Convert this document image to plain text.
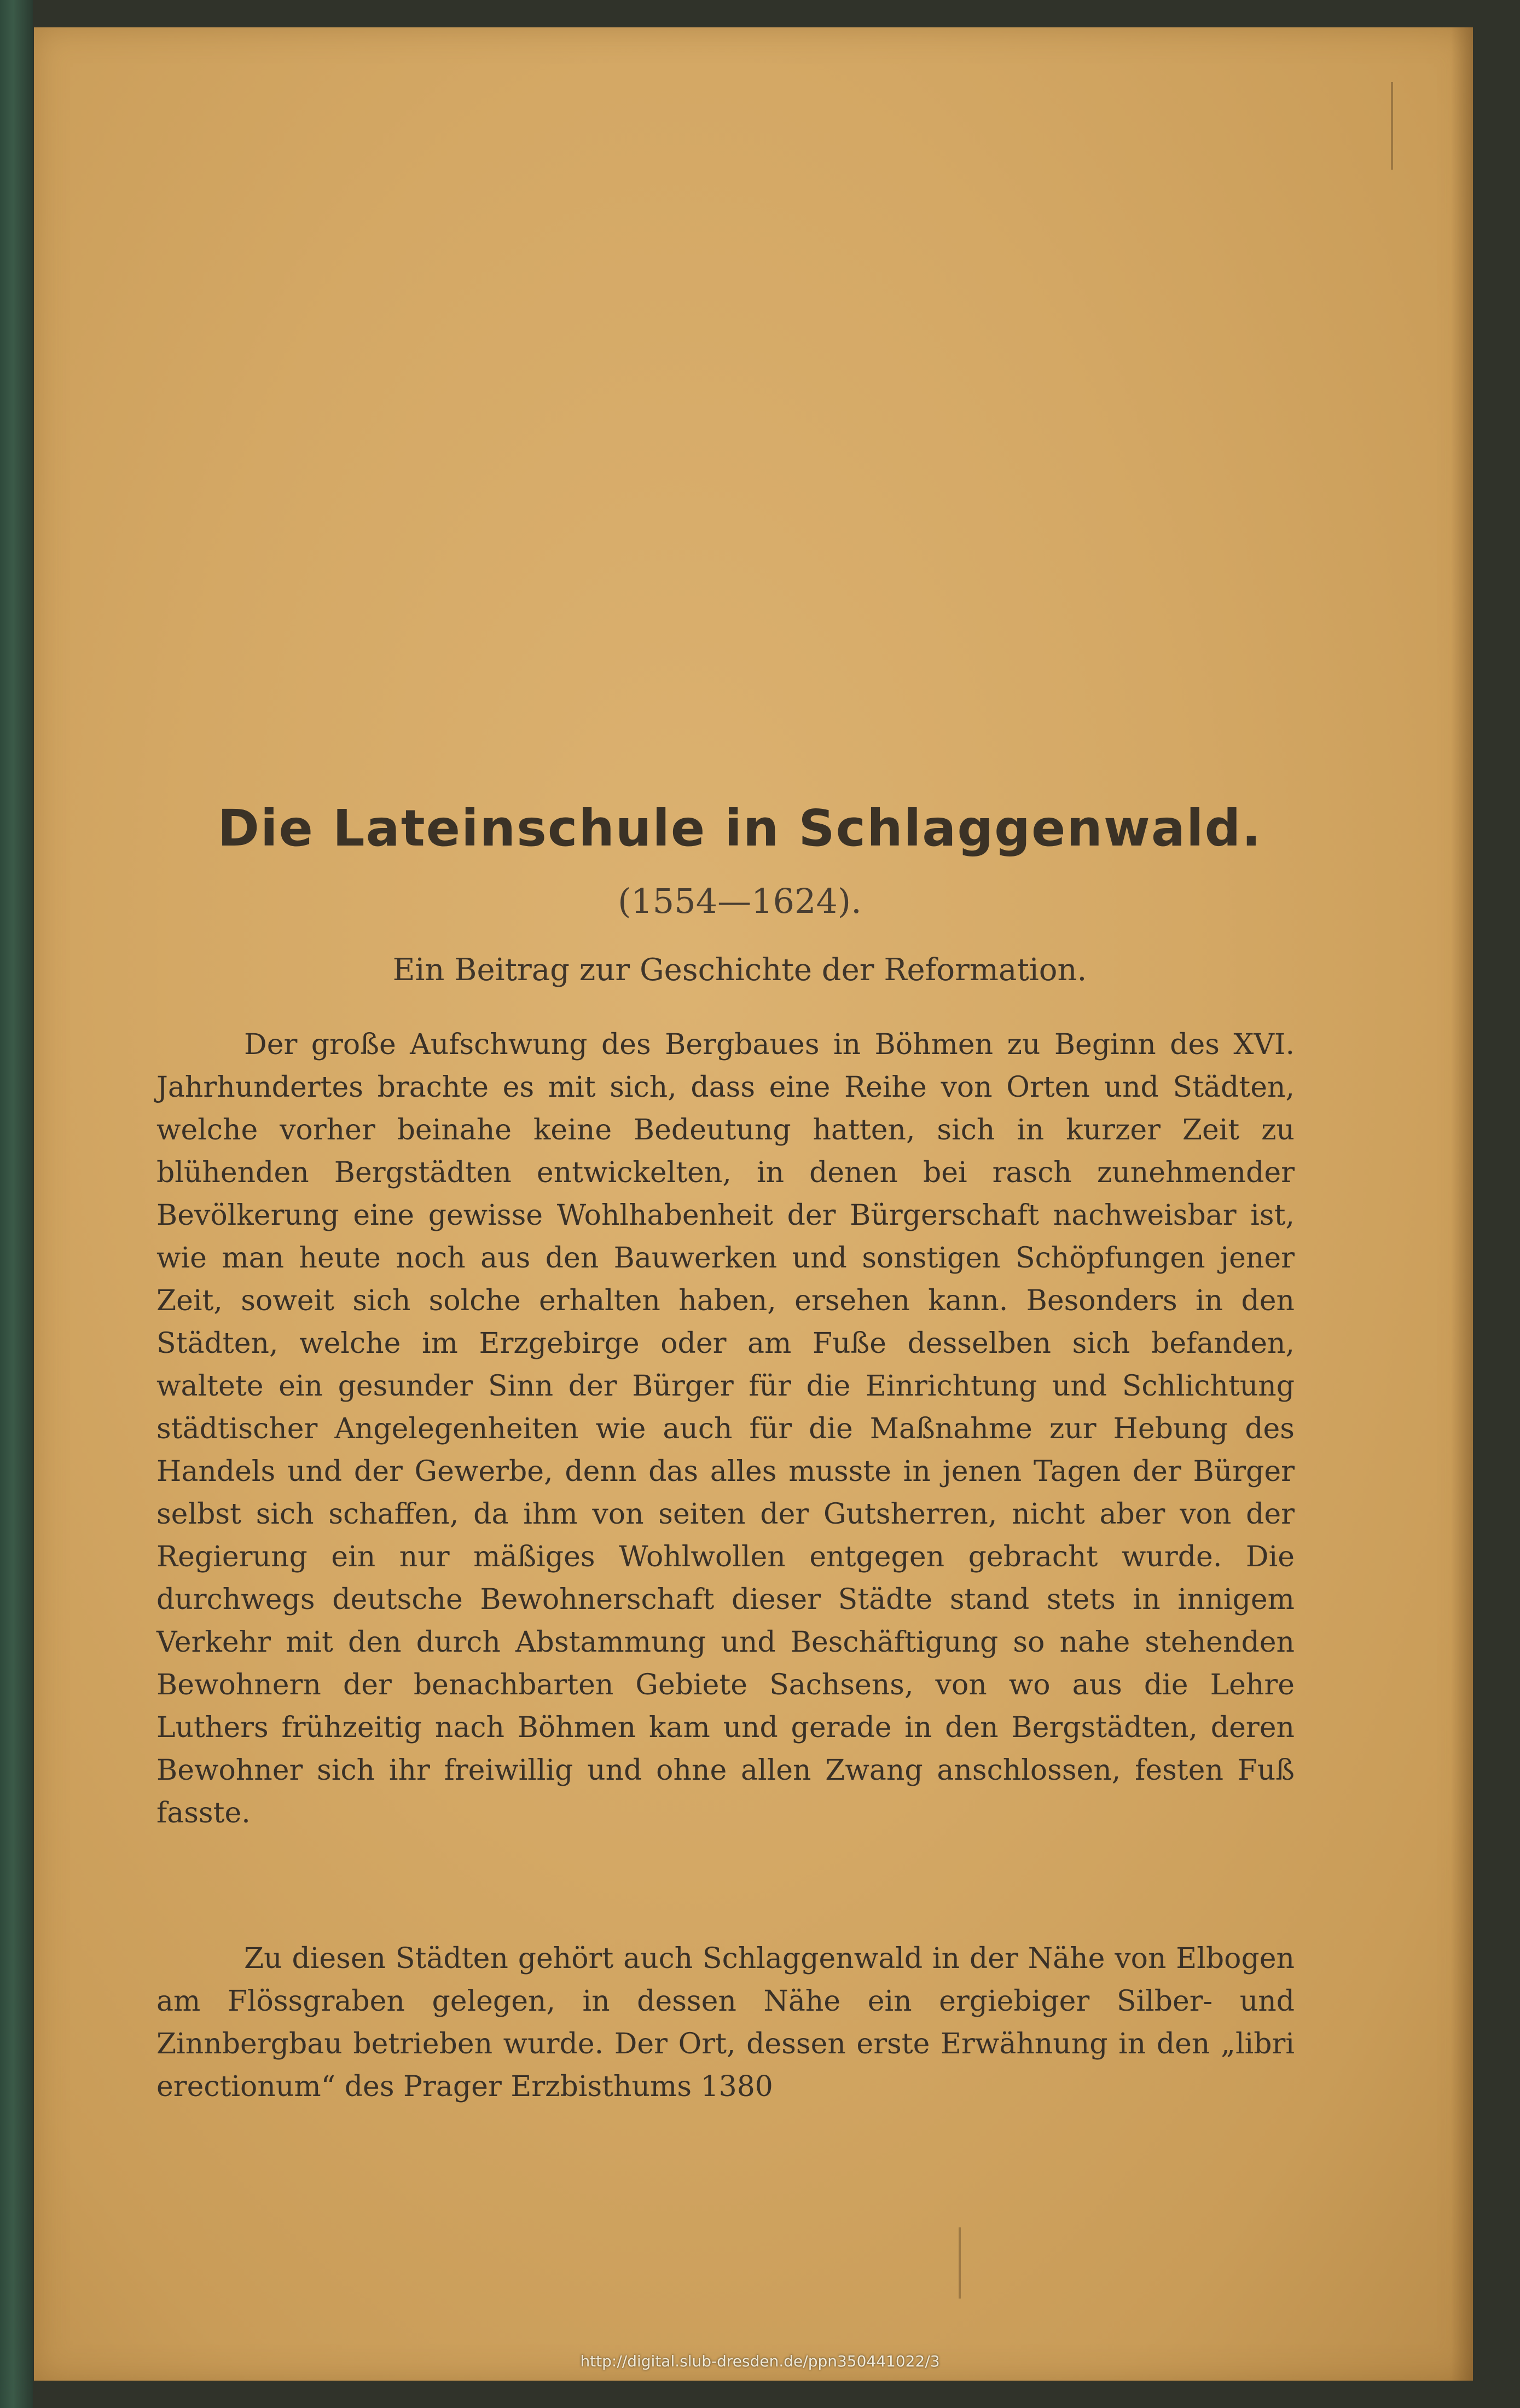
Die Lateinschule in Schlaggenwald.

(1554—1624).

Ein Beitrag zur Geschichte der Reformation.

Der große Aufschwung des Bergbaues in Böhmen zu Beginn des XVI. Jahrhundertes brachte es mit sich, dass eine Reihe von Orten und Städten, welche vorher beinahe keine Bedeutung hatten, sich in kurzer Zeit zu blühenden Bergstädten entwickelten, in denen bei rasch zunehmender Bevölkerung eine gewisse Wohlhabenheit der Bürgerschaft nachweisbar ist, wie man heute noch aus den Bauwerken und sonstigen Schöpfungen jener Zeit, soweit sich solche erhalten haben, ersehen kann. Besonders in den Städten, welche im Erzgebirge oder am Fuße desselben sich befanden, waltete ein gesunder Sinn der Bürger für die Einrichtung und Schlichtung städtischer Angelegenheiten wie auch für die Maßnahme zur Hebung des Handels und der Gewerbe, denn das alles musste in jenen Tagen der Bürger selbst sich schaffen, da ihm von seiten der Gutsherren, nicht aber von der Regierung ein nur mäßiges Wohlwollen entgegen gebracht wurde. Die durchwegs deutsche Bewohnerschaft dieser Städte stand stets in innigem Verkehr mit den durch Abstammung und Beschäftigung so nahe stehenden Bewohnern der benachbarten Gebiete Sachsens, von wo aus die Lehre Luthers frühzeitig nach Böhmen kam und gerade in den Bergstädten, deren Bewohner sich ihr freiwillig und ohne allen Zwang anschlossen, festen Fuß fasste.

Zu diesen Städten gehört auch Schlaggenwald in der Nähe von Elbogen am Flössgraben gelegen, in dessen Nähe ein ergiebiger Silber- und Zinnbergbau betrieben wurde. Der Ort, dessen erste Erwähnung in den „libri erectionum“ des Prager Erzbisthums 1380

http://digital.slub-dresden.de/ppn350441022/3
